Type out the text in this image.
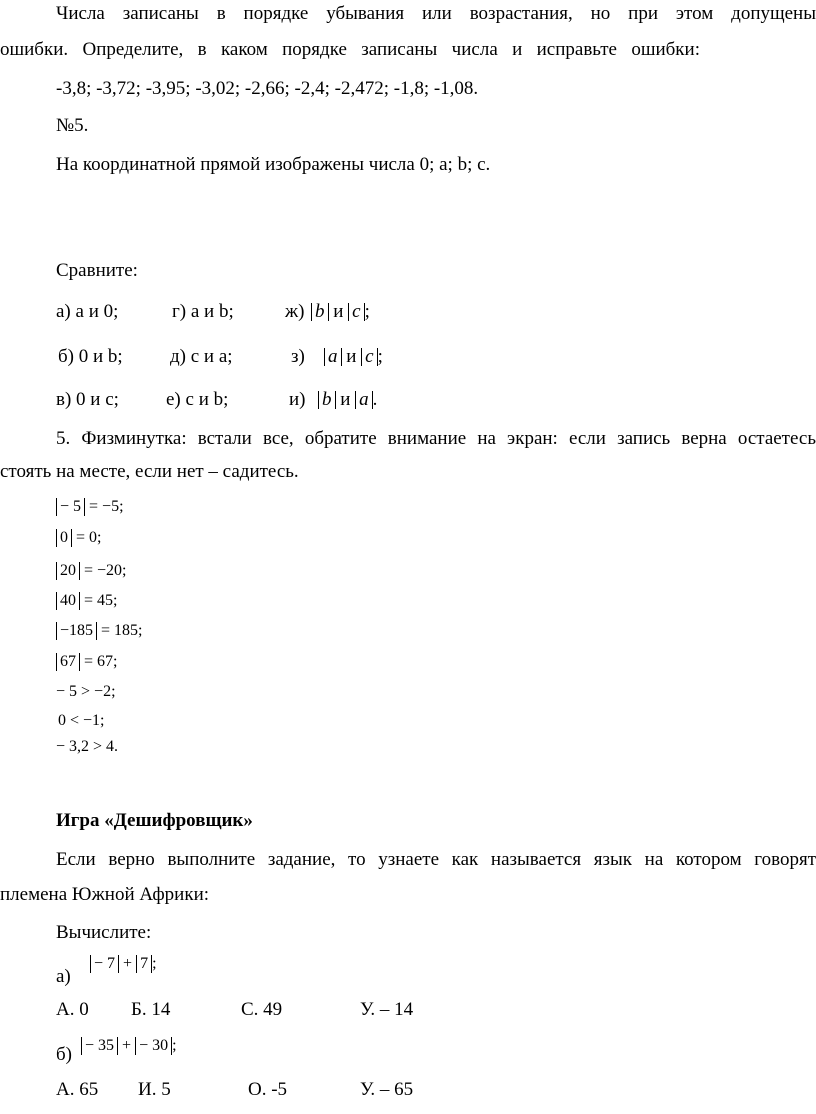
Числа записаны в порядке убывания или возрастания, но при этом допущены
ошибки. Определите, в каком порядке записаны числа и исправьте ошибки:
-3,8; -3,72; -3,95; -3,02; -2,66; -2,4; -2,472; -1,8; -1,08.
№5.
На координатной прямой изображены числа 0; a; b; c.
Сравните:
а) а и 0;	г) а и b;	ж) b и c ;
б) 0 и b; д) с и а;	з) a и c ;
в) 0 и с; е) с и b;	и) b и a .
5. Физминутка: встали все, обратите внимание на экран: если запись верна остаетесь
стоять на месте, если нет – садитесь.
− 5 = −5;
0 = 0;
20 = −20;
40 = 45;
−185 = 185;
67 = 67;
− 5 > −2;
0 < −1;
− 3,2 > 4.
Игра «Дешифровщик»
Если верно выполните задание, то узнаете как называется язык на котором говорят
племена Южной Африки:
Вычислите:
а)
− 7 + 7 ;
А. 0 Б. 14	С. 49	У. – 14
б) − 35 + − 30 ;
А. 65 И. 5	О. -5	У. – 65
